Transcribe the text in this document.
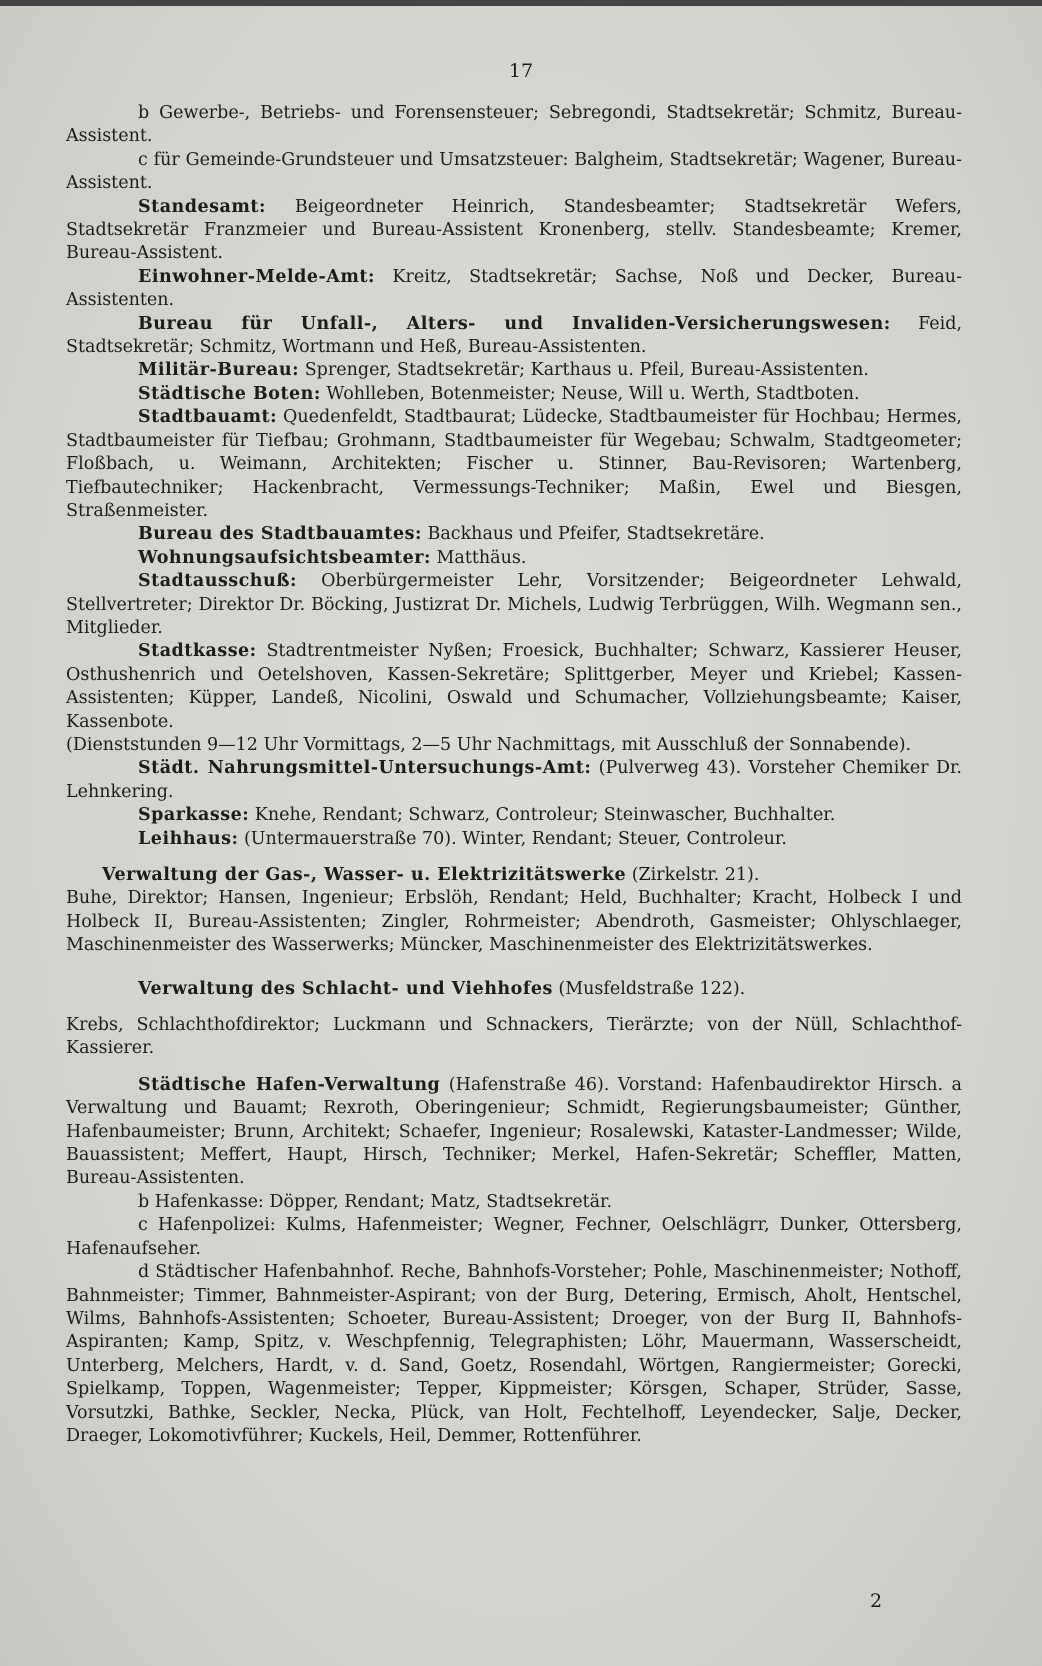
17

b Gewerbe-, Betriebs- und Forensensteuer; Sebregondi, Stadtsekretär; Schmitz, Bureau-Assistent.

c für Gemeinde-Grundsteuer und Umsatzsteuer: Balgheim, Stadtsekretär; Wagener, Bureau-Assistent.

Standesamt: Beigeordneter Heinrich, Standesbeamter; Stadtsekretär Wefers, Stadtsekretär Franzmeier und Bureau-Assistent Kronenberg, stellv. Standesbeamte; Kremer, Bureau-Assistent.

Einwohner-Melde-Amt: Kreitz, Stadtsekretär; Sachse, Noß und Decker, Bureau-Assistenten.

Bureau für Unfall-, Alters- und Invaliden-Versicherungswesen: Feid, Stadtsekretär; Schmitz, Wortmann und Heß, Bureau-Assistenten.

Militär-Bureau: Sprenger, Stadtsekretär; Karthaus u. Pfeil, Bureau-Assistenten.

Städtische Boten: Wohlleben, Botenmeister; Neuse, Will u. Werth, Stadtboten.

Stadtbauamt: Quedenfeldt, Stadtbaurat; Lüdecke, Stadtbaumeister für Hochbau; Hermes, Stadtbaumeister für Tiefbau; Grohmann, Stadtbaumeister für Wegebau; Schwalm, Stadtgeometer; Floßbach, u. Weimann, Architekten; Fischer u. Stinner, Bau-Revisoren; Wartenberg, Tiefbautechniker; Hackenbracht, Vermessungs-Techniker; Maßin, Ewel und Biesgen, Straßenmeister.

Bureau des Stadtbauamtes: Backhaus und Pfeifer, Stadtsekretäre.

Wohnungsaufsichtsbeamter: Matthäus.

Stadtausschuß: Oberbürgermeister Lehr, Vorsitzender; Beigeordneter Lehwald, Stellvertreter; Direktor Dr. Böcking, Justizrat Dr. Michels, Ludwig Terbrüggen, Wilh. Wegmann sen., Mitglieder.

Stadtkasse: Stadtrentmeister Nyßen; Froesick, Buchhalter; Schwarz, Kassierer Heuser, Osthushenrich und Oetelshoven, Kassen-Sekretäre; Splittgerber, Meyer und Kriebel; Kassen-Assistenten; Küpper, Landeß, Nicolini, Oswald und Schumacher, Vollziehungsbeamte; Kaiser, Kassenbote.

(Dienststunden 9—12 Uhr Vormittags, 2—5 Uhr Nachmittags, mit Ausschluß der Sonnabende).

Städt. Nahrungsmittel-Untersuchungs-Amt: (Pulverweg 43). Vorsteher Chemiker Dr. Lehnkering.

Sparkasse: Knehe, Rendant; Schwarz, Controleur; Steinwascher, Buchhalter.

Leihhaus: (Untermauerstraße 70). Winter, Rendant; Steuer, Controleur.

Verwaltung der Gas-, Wasser- u. Elektrizitätswerke (Zirkelstr. 21).

Buhe, Direktor; Hansen, Ingenieur; Erbslöh, Rendant; Held, Buchhalter; Kracht, Holbeck I und Holbeck II, Bureau-Assistenten; Zingler, Rohrmeister; Abendroth, Gasmeister; Ohlyschlaeger, Maschinenmeister des Wasserwerks; Müncker, Maschinenmeister des Elektrizitätswerkes.

Verwaltung des Schlacht- und Viehhofes (Musfeldstraße 122).

Krebs, Schlachthofdirektor; Luckmann und Schnackers, Tierärzte; von der Nüll, Schlachthof-Kassierer.

Städtische Hafen-Verwaltung (Hafenstraße 46). Vorstand: Hafenbaudirektor Hirsch. a Verwaltung und Bauamt; Rexroth, Oberingenieur; Schmidt, Regierungsbaumeister; Günther, Hafenbaumeister; Brunn, Architekt; Schaefer, Ingenieur; Rosalewski, Kataster-Landmesser; Wilde, Bauassistent; Meffert, Haupt, Hirsch, Techniker; Merkel, Hafen-Sekretär; Scheffler, Matten, Bureau-Assistenten.

b Hafenkasse: Döpper, Rendant; Matz, Stadtsekretär.

c Hafenpolizei: Kulms, Hafenmeister; Wegner, Fechner, Oelschlägrr, Dunker, Ottersberg, Hafenaufseher.

d Städtischer Hafenbahnhof. Reche, Bahnhofs-Vorsteher; Pohle, Maschinenmeister; Nothoff, Bahnmeister; Timmer, Bahnmeister-Aspirant; von der Burg, Detering, Ermisch, Aholt, Hentschel, Wilms, Bahnhofs-Assistenten; Schoeter, Bureau-Assistent; Droeger, von der Burg II, Bahnhofs-Aspiranten; Kamp, Spitz, v. Weschpfennig, Telegraphisten; Löhr, Mauermann, Wasserscheidt, Unterberg, Melchers, Hardt, v. d. Sand, Goetz, Rosendahl, Wörtgen, Rangiermeister; Gorecki, Spielkamp, Toppen, Wagenmeister; Tepper, Kippmeister; Körsgen, Schaper, Strüder, Sasse, Vorsutzki, Bathke, Seckler, Necka, Plück, van Holt, Fechtelhoff, Leyendecker, Salje, Decker, Draeger, Lokomotivführer; Kuckels, Heil, Demmer, Rottenführer.

2
